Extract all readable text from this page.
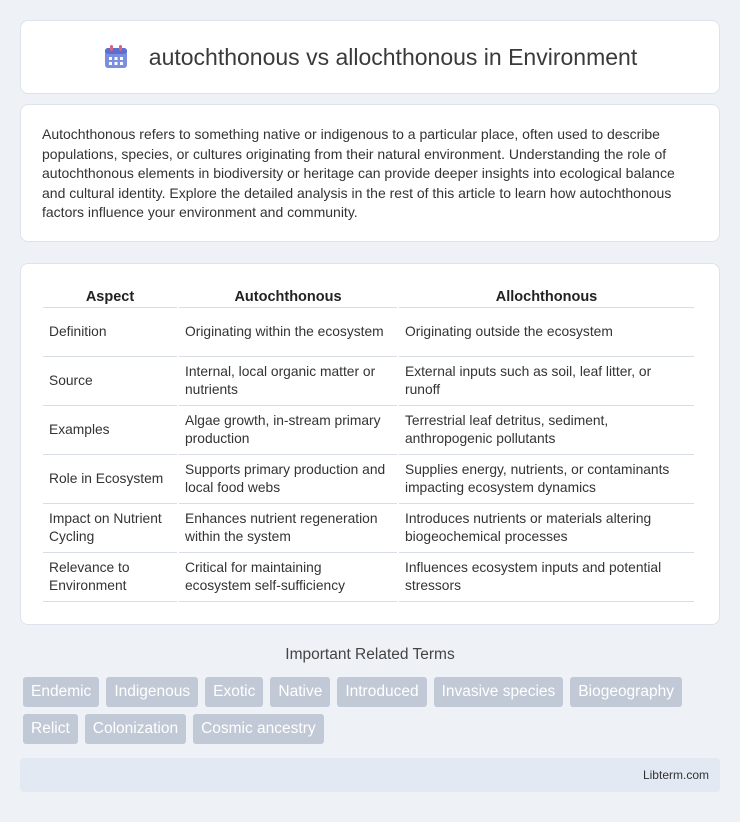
autochthonous vs allochthonous in Environment

Autochthonous refers to something native or indigenous to a particular place, often used to describe populations, species, or cultures originating from their natural environment. Understanding the role of autochthonous elements in biodiversity or heritage can provide deeper insights into ecological balance and cultural identity. Explore the detailed analysis in the rest of this article to learn how autochthonous factors influence your environment and community.

Aspect	Autochthonous	Allochthonous
Definition	Originating within the ecosystem	Originating outside the ecosystem
Source	Internal, local organic matter or nutrients	External inputs such as soil, leaf litter, or runoff
Examples	Algae growth, in-stream primary production	Terrestrial leaf detritus, sediment, anthropogenic pollutants
Role in Ecosystem	Supports primary production and local food webs	Supplies energy, nutrients, or contaminants impacting ecosystem dynamics
Impact on Nutrient Cycling	Enhances nutrient regeneration within the system	Introduces nutrients or materials altering biogeochemical processes
Relevance to Environment	Critical for maintaining ecosystem self-sufficiency	Influences ecosystem inputs and potential stressors
Important Related Terms
Endemic	Indigenous	Exotic	Native	Introduced	Invasive species	Biogeography
Relict	Colonization	Cosmic ancestry
Libterm.com
